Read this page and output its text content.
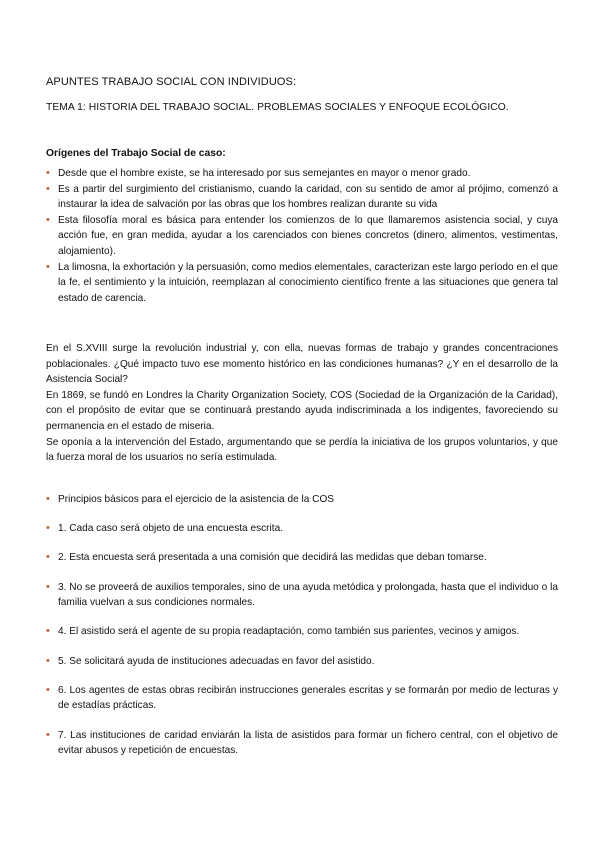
APUNTES TRABAJO SOCIAL CON INDIVIDUOS:
TEMA 1: HISTORIA DEL TRABAJO SOCIAL. PROBLEMAS SOCIALES Y ENFOQUE ECOLÓGICO.
Orígenes del Trabajo Social de caso:
• Desde que el hombre existe, se ha interesado por sus semejantes en mayor o menor grado.
• Es a partir del surgimiento del cristianismo, cuando la caridad, con su sentido de amor al prójimo, comenzó a instaurar la idea de salvación por las obras que los hombres realizan durante su vida
• Esta filosofía moral es básica para entender los comienzos de lo que llamaremos asistencia social, y cuya acción fue, en gran medida, ayudar a los carenciados con bienes concretos (dinero, alimentos, vestimentas, alojamiento).
• La limosna, la exhortación y la persuasión, como medios elementales, caracterizan este largo período en el que la fe, el sentimiento y la intuición, reemplazan al conocimiento científico frente a las situaciones que genera tal estado de carencia.

En el S.XVIII surge la revolución industrial y, con ella, nuevas formas de trabajo y grandes concentraciones poblacionales. ¿Qué impacto tuvo ese momento histórico en las condiciones humanas? ¿Y en el desarrollo de la Asistencia Social?

En 1869, se fundó en Londres la Charity Organization Society, COS (Sociedad de la Organización de la Caridad), con el propósito de evitar que se continuará prestando ayuda indiscriminada a los indigentes, favoreciendo su permanencia en el estado de miseria.

Se oponía a la intervención del Estado, argumentando que se perdía la iniciativa de los grupos voluntarios, y que la fuerza moral de los usuarios no sería estimulada.

• Principios básicos para el ejercicio de la asistencia de la COS
• 1. Cada caso será objeto de una encuesta escrita.
• 2. Esta encuesta será presentada a una comisión que decidirá las medidas que deban tomarse.
• 3. No se proveerá de auxilios temporales, sino de una ayuda metódica y prolongada, hasta que el individuo o la familia vuelvan a sus condiciones normales.
• 4. El asistido será el agente de su propia readaptación, como también sus parientes, vecinos y amigos.
• 5. Se solicitará ayuda de instituciones adecuadas en favor del asistido.
• 6. Los agentes de estas obras recibirán instrucciones generales escritas y se formarán por medio de lecturas y de estadías prácticas.
• 7. Las instituciones de caridad enviarán la lista de asistidos para formar un fichero central, con el objetivo de evitar abusos y repetición de encuestas.
